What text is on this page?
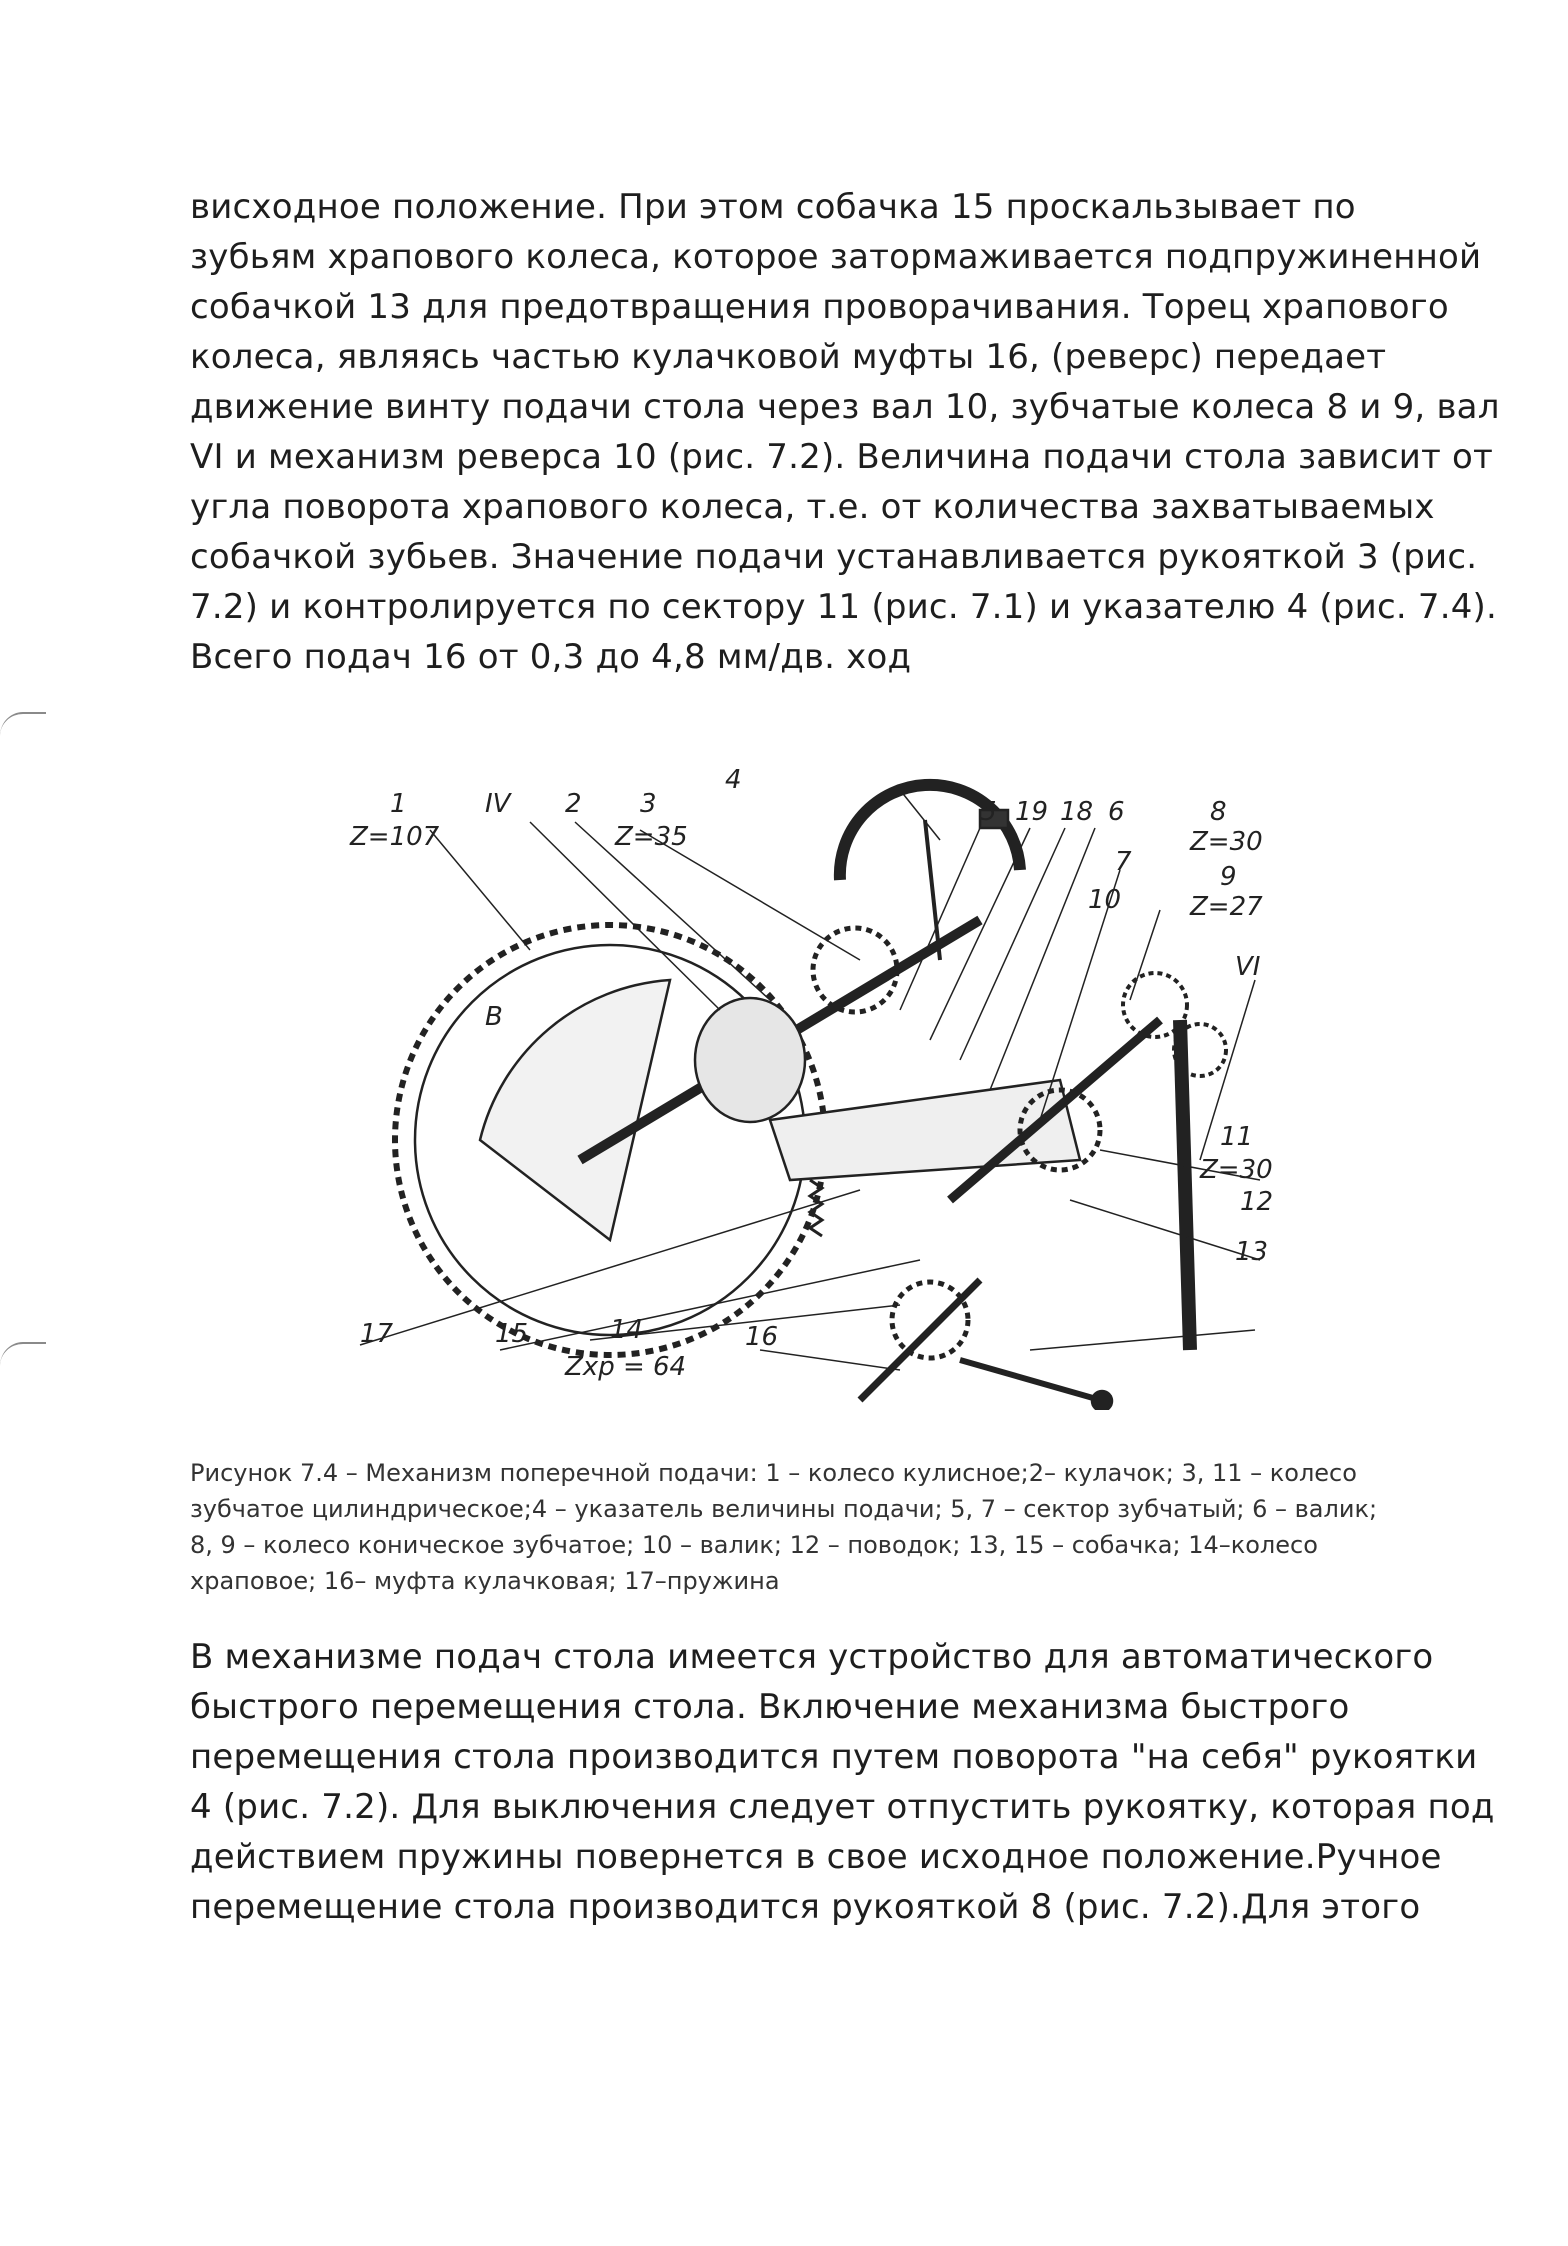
висходное положение. При этом собачка 15 проскальзывает по
зубьям храпового колеса, которое затормаживается подпружиненной
собачкой 13 для предотвращения проворачивания. Торец храпового
колеса, являясь частью кулачковой муфты 16, (реверс) передает
движение винту подачи стола через вал 10, зубчатые колеса 8 и 9, вал
VI и механизм реверса 10 (рис. 7.2). Величина подачи стола зависит от
угла поворота храпового колеса, т.е. от количества захватываемых
собачкой зубьев. Значение подачи устанавливается рукояткой 3 (рис.
7.2) и контролируется по сектору 11 (рис. 7.1) и указателю 4 (рис. 7.4).
Всего подач 16 от 0,3 до 4,8 мм/дв. ход

1
Z=107
IV 2 3
Z=35
4
5 19 18 6
7
10
8
Z=30
9
Z=27
VI
11
Z=30
12
13
В
17	15	14
Zхр = 64
16

Рисунок 7.4 – Механизм поперечной подачи: 1 – колесо кулисное;2– кулачок; 3, 11 – колесо
зубчатое цилиндрическое;4 – указатель величины подачи; 5, 7 – сектор зубчатый; 6 – валик;
8, 9 – колесо коническое зубчатое; 10 – валик; 12 – поводок; 13, 15 – собачка; 14–колесо
храповое; 16– муфта кулачковая; 17–пружина

В механизме подач стола имеется устройство для автоматического
быстрого перемещения стола. Включение механизма быстрого
перемещения стола производится путем поворота "на себя" рукоятки
4 (рис. 7.2). Для выключения следует отпустить рукоятку, которая под
действием пружины повернется в свое исходное положение.Ручное
перемещение стола производится рукояткой 8 (рис. 7.2).Для этого
